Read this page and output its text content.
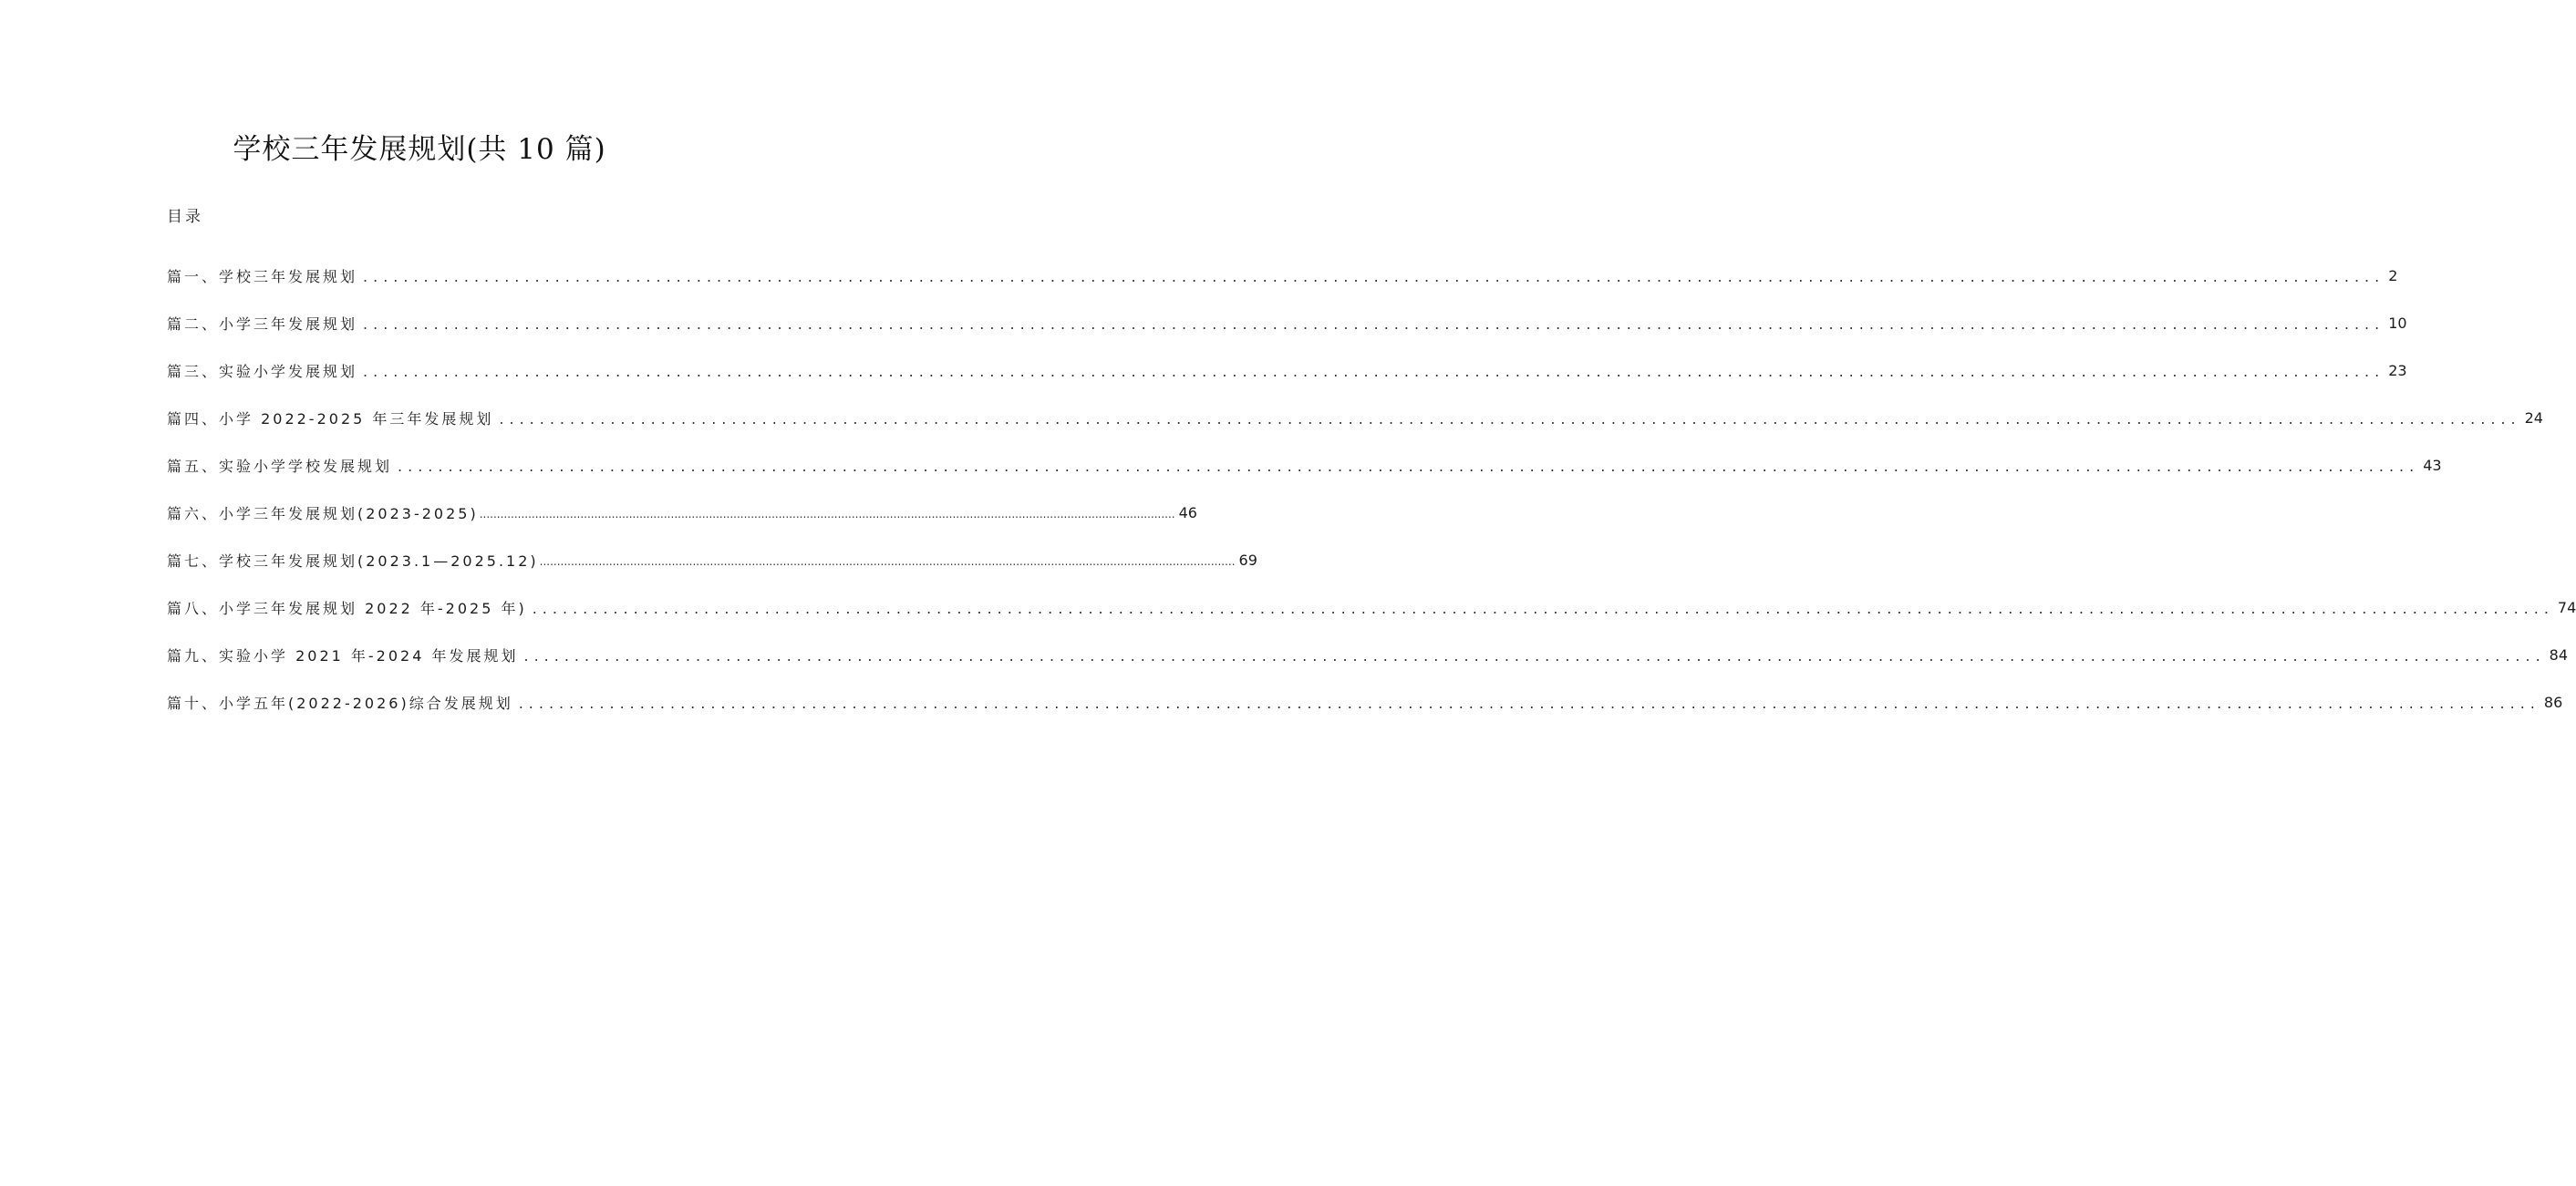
学校三年发展规划(共 10 篇)
目录
篇一、学校三年发展规划 ........................................................................................................................................................................................................ 2
篇二、小学三年发展规划 ........................................................................................................................................................................................................ 10
篇三、实验小学发展规划 ........................................................................................................................................................................................................ 23
篇四、小学 2022-2025 年三年发展规划 ........................................................................................................................................................................................................ 24
篇五、实验小学学校发展规划 ........................................................................................................................................................................................................ 43
篇六、小学三年发展规划(2023-2025) ........................................................................................................................................................................................................ 46
篇七、学校三年发展规划(2023.1—2025.12) ........................................................................................................................................................................................................ 69
篇八、小学三年发展规划 2022 年-2025 年) ........................................................................................................................................................................................................ 74
篇九、实验小学 2021 年-2024 年发展规划 ........................................................................................................................................................................................................ 84
篇十、小学五年(2022-2026)综合发展规划 ........................................................................................................................................................................................................ 86
